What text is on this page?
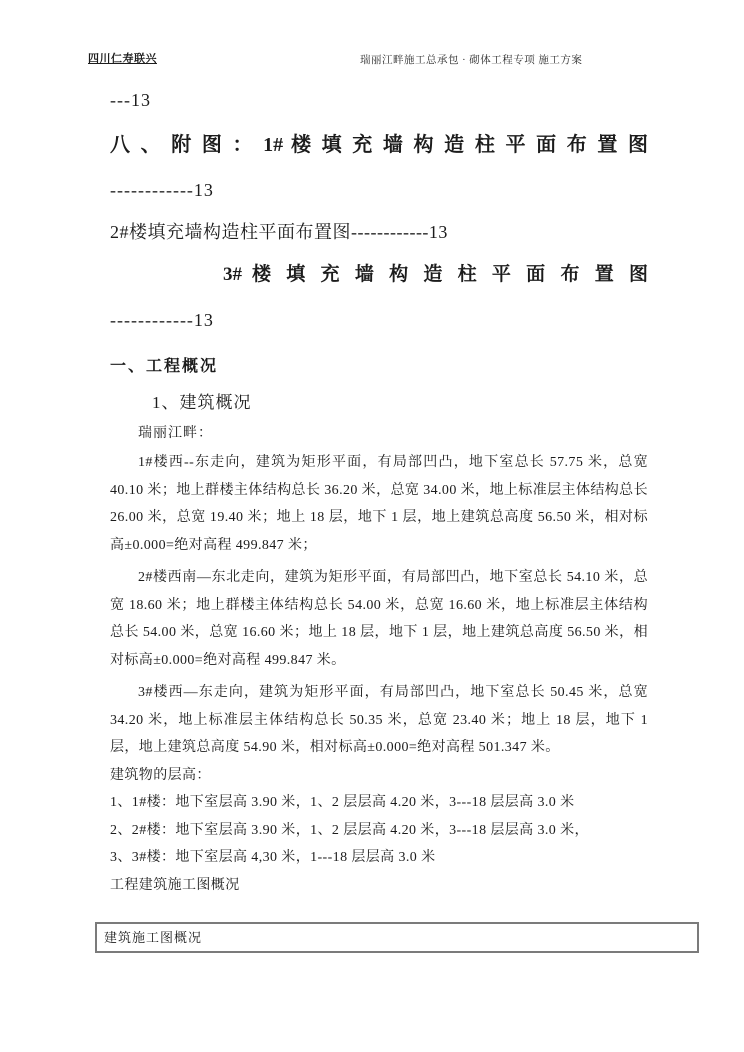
四川仁寿联兴	瑞丽江畔施工总承包 · 砌体工程专项 施工方案

---13

八 、 附 图 ： 1# 楼 填 充 墙 构 造 柱 平 面 布 置 图

------------13

2#楼填充墙构造柱平面布置图------------13

3# 楼 填 充 墙 构 造 柱 平 面 布 置 图

------------13

一、工程概况

1、建筑概况

瑞丽江畔：

1#楼西--东走向，建筑为矩形平面，有局部凹凸，地下室总长 57.75 米，总宽 40.10 米；地上群楼主体结构总长 36.20 米，总宽 34.00 米，地上标准层主体结构总长 26.00 米，总宽 19.40 米；地上 18 层，地下 1 层，地上建筑总高度 56.50 米，相对标高±0.000=绝对高程 499.847 米；

2#楼西南—东北走向，建筑为矩形平面，有局部凹凸，地下室总长 54.10 米，总宽 18.60 米；地上群楼主体结构总长 54.00 米，总宽 16.60 米，地上标准层主体结构总长 54.00 米，总宽 16.60 米；地上 18 层，地下 1 层，地上建筑总高度 56.50 米，相对标高±0.000=绝对高程 499.847 米。

3#楼西—东走向，建筑为矩形平面，有局部凹凸，地下室总长 50.45 米，总宽 34.20 米，地上标准层主体结构总长 50.35 米，总宽 23.40 米；地上 18 层，地下 1 层，地上建筑总高度 54.90 米，相对标高±0.000=绝对高程 501.347 米。

建筑物的层高：

1、1#楼：地下室层高 3.90 米，1、2 层层高 4.20 米，3---18 层层高 3.0 米

2、2#楼：地下室层高 3.90 米，1、2 层层高 4.20 米，3---18 层层高 3.0 米，

3、3#楼：地下室层高 4,30 米，1---18 层层高 3.0 米

工程建筑施工图概况

建筑施工图概况
